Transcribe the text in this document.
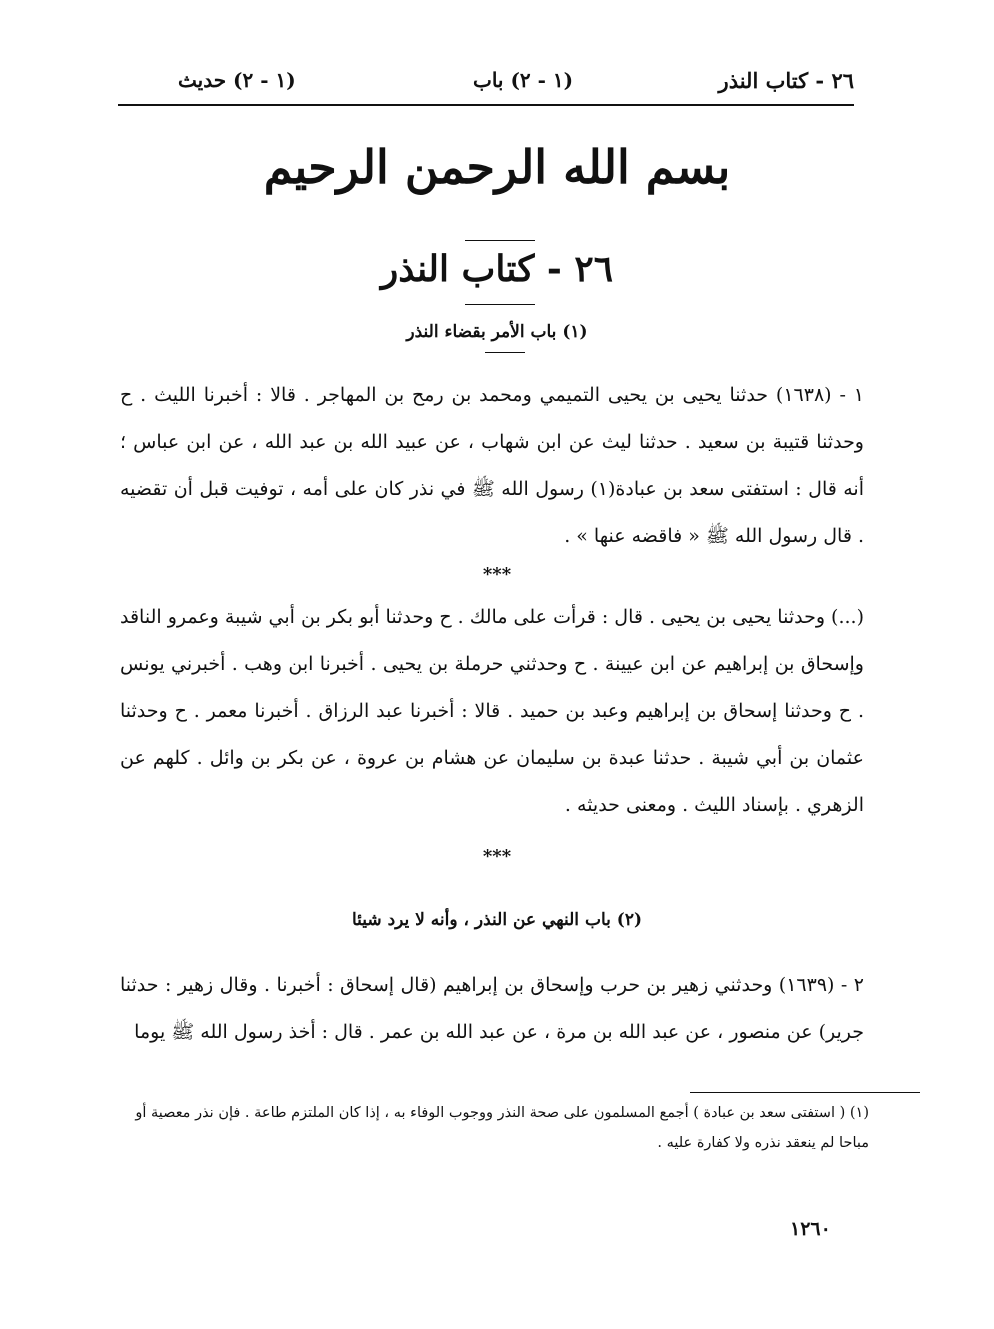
٢٦ - كتاب النذر
(١ - ٢) باب
(١ - ٢) حديث
بسم الله الرحمن الرحيم
٢٦ - كتاب النذر
(١) باب الأمر بقضاء النذر
١ - (١٦٣٨) حدثنا يحيى بن يحيى التميمي ومحمد بن رمح بن المهاجر . قالا : أخبرنا الليث . ح وحدثنا قتيبة بن سعيد . حدثنا ليث عن ابن شهاب ، عن عبيد الله بن عبد الله ، عن ابن عباس ؛ أنه قال : استفتى سعد بن عبادة(١) رسول الله ﷺ في نذر كان على أمه ، توفيت قبل أن تقضيه . قال رسول الله ﷺ « فاقضه عنها » .
***
(...) وحدثنا يحيى بن يحيى . قال : قرأت على مالك . ح وحدثنا أبو بكر بن أبي شيبة وعمرو الناقد وإسحاق بن إبراهيم عن ابن عيينة . ح وحدثني حرملة بن يحيى . أخبرنا ابن وهب . أخبرني يونس . ح وحدثنا إسحاق بن إبراهيم وعبد بن حميد . قالا : أخبرنا عبد الرزاق . أخبرنا معمر . ح وحدثنا عثمان بن أبي شيبة . حدثنا عبدة بن سليمان عن هشام بن عروة ، عن بكر بن وائل . كلهم عن الزهري . بإسناد الليث . ومعنى حديثه .
***
(٢) باب النهي عن النذر ، وأنه لا يرد شيئا
٢ - (١٦٣٩) وحدثني زهير بن حرب وإسحاق بن إبراهيم (قال إسحاق : أخبرنا . وقال زهير : حدثنا جرير) عن منصور ، عن عبد الله بن مرة ، عن عبد الله بن عمر . قال : أخذ رسول الله ﷺ يوما
(١) ( استفتى سعد بن عبادة ) أجمع المسلمون على صحة النذر ووجوب الوفاء به ، إذا كان الملتزم طاعة . فإن نذر معصية أو مباحا لم ينعقد نذره ولا كفارة عليه .
١٢٦٠
